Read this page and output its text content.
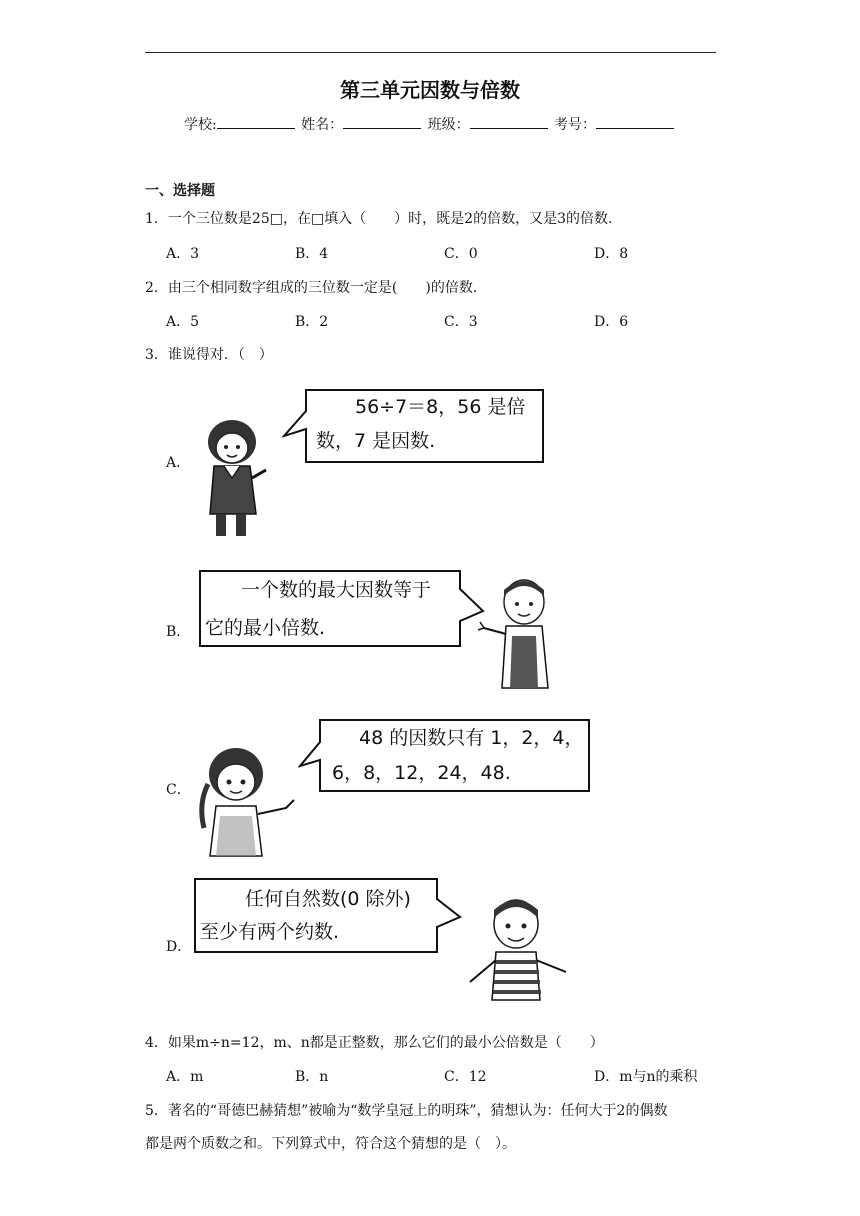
第三单元因数与倍数
学校:	姓名：	班级：	考号：
一、选择题
1．一个三位数是25□，在□填入（　　）时，既是2的倍数，又是3的倍数．
A．3	B．4	C．0	D．8
2．由三个相同数字组成的三位数一定是(　　)的倍数．
A．5	B．2	C．3	D．6
3．谁说得对．（　）
A．
56÷7＝8，56 是倍
数，7 是因数.
B．
一个数的最大因数等于
它的最小倍数.
C．
48 的因数只有 1，2，4，
6，8，12，24，48.
D．
任何自然数(0 除外)
至少有两个约数.
4．如果m÷n=12，m、n都是正整数，那么它们的最小公倍数是（　　）
A．m	B．n	C．12	D．m与n的乘积
5．著名的“哥德巴赫猜想”被喻为“数学皇冠上的明珠”，猜想认为：任何大于2的偶数
都是两个质数之和。下列算式中，符合这个猜想的是（　）。
